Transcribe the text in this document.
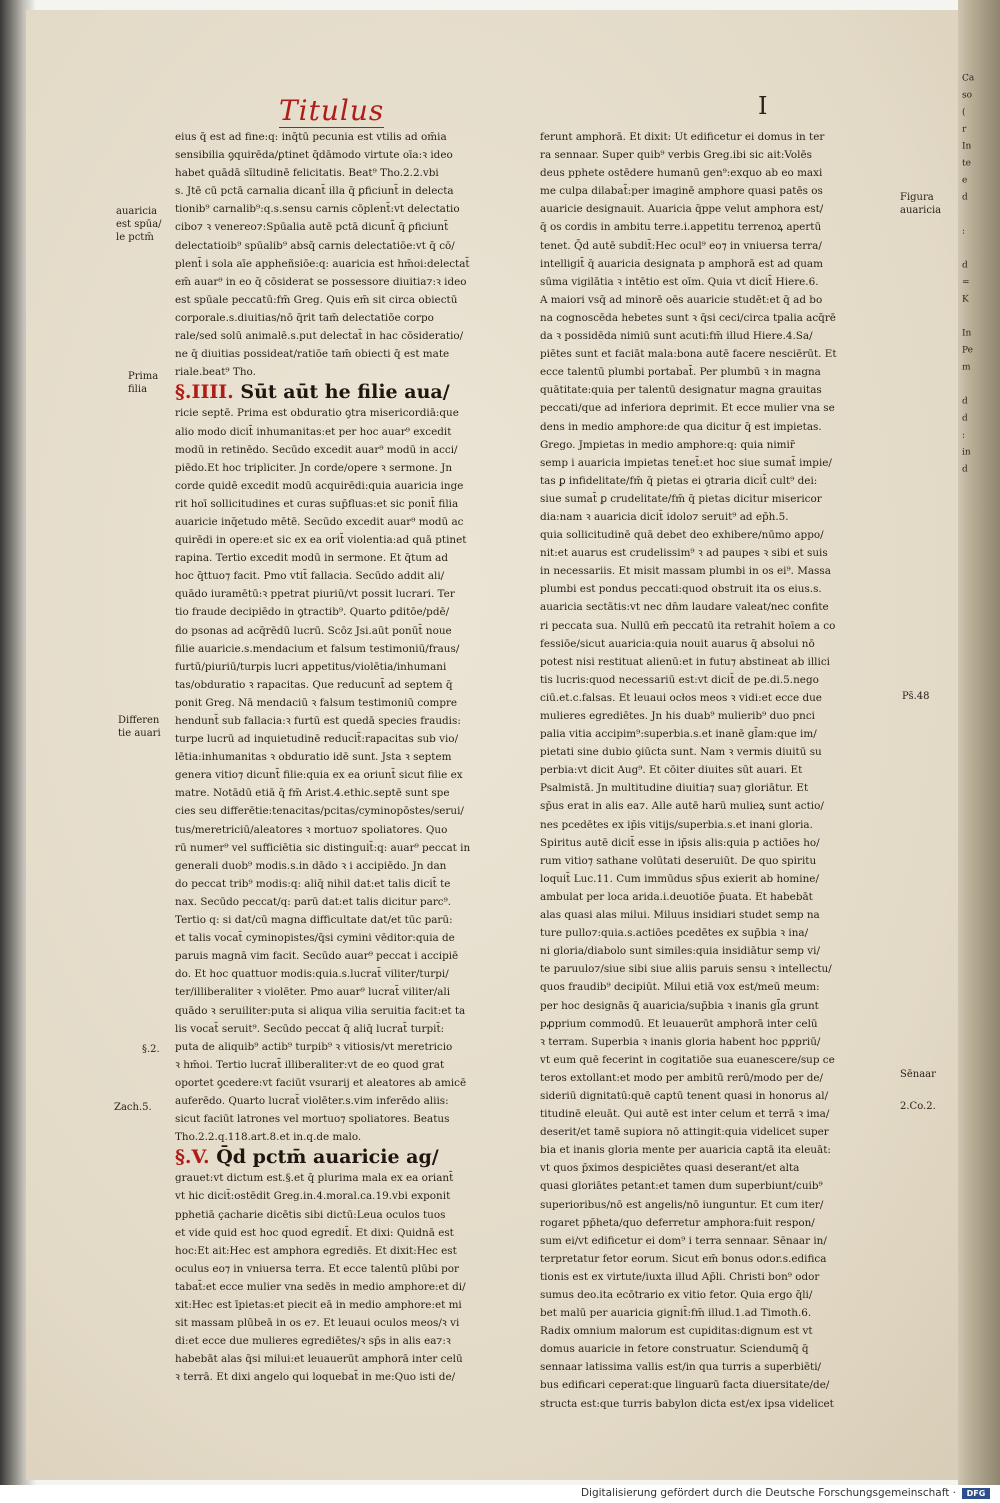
Ca
so
(
r
In
te
e
d

:

d
=
K

In
Pe
m

d
d
:
in
d
Titulus	I
eius q̄ est ad fine:q: inq̄tū pecunia est vtilis ad om̄ia
sensibilia ꝯquirēda/ꝑtinet q̄dāmodo virtute oīa:ꝛ ideo
habet quādā sīltudinē felicitatis. Beat⁹ Tho.2.2.vbi
s. Jtē cū pctā carnalia dicant̄ illa q̄ ꝑficiunt̄ in delecta
tionib⁹ carnalib⁹:q.s.sensu carnis cōplent̄:vt delectatio
cibo⁊ ꝛ venereo⁊:Spūalia autē pctā dicunt̄ q̄ ꝑficiunt̄
delectatioib⁹ spūalib⁹ absq̄ carnis delectatiōe:vt q̄ cō/
plent̄ i sola aīe appheñsiōe:q: auaricia est hm̄oi:delectat̄
em̄ auar⁹ in eo q̄ cōsiderat se possessore diuitia⁊:ꝛ ideo
est spūale peccatū:fm̄ Greg. Quis em̄ sit circa obiectū
corporale.s.diuitias/nō q̄rit tam̄ delectatiōe corpo
rale/sed solū animalē.s.put delectat̄ in hac cōsideratio/
ne q̄ diuitias possideat/ratiōe tam̄ obiecti q̄ est mate
riale.beat⁹ Tho.
§.IIII. Sūt aūt he filie aua/
ricie septē. Prima est obduratio ꝯtra misericordiā:que
alio modo dicit̄ inhumanitas:et per hoc auar⁹ excedit
modū in retinēdo. Secūdo excedit auar⁹ modū in acci/
piēdo.Et hoc tripliciter. Jn corde/opere ꝛ sermone. Jn
corde quidē excedit modū acquirēdi:quia auaricia inge
rit hoī sollicitudines et curas sup̄fluas:et sic ponit̄ filia
auaricie inq̄etudo mētē. Secūdo excedit auar⁹ modū ac
quirēdi in opere:et sic ex ea orit̄ violentia:ad quā ptinet
rapina. Tertio excedit modū in sermone. Et q̄tum ad
hoc q̄ttuo⁊ facit. Pmo vtit̄ fallacia. Secūdo addit ali/
quādo iuramētū:ꝛ ppetrat piuriū/vt possit lucrari. Ter
tio fraude decipiēdo in ꝯtractib⁹. Quarto ꝑditōe/pdē/
do psonas ad acq̄rēdū lucrū. Scōz Jsi.aūt ponūt̄ noue
filie auaricie.s.mendacium et falsum testimoniū/fraus/
furtū/piuriū/turpis lucri appetitus/violētia/inhumani
tas/obduratio ꝛ rapacitas. Que reducunt̄ ad septem q̄
ponit Greg. Nā mendaciū ꝛ falsum testimoniū compre
hendunt̄ sub fallacia:ꝛ furtū est quedā species fraudis:
turpe lucrū ad inquietudinē reducit̄:rapacitas sub vio/
lētia:inhumanitas ꝛ obduratio idē sunt. Jsta ꝛ septem
genera vitio⁊ dicunt̄ filie:quia ex ea oriunt̄ sicut filie ex
matre. Notādū etiā q̄ fm̄ Arist.4.ethic.septē sunt spe
cies seu differētie:tenacitas/pcitas/cyminopōstes/serui/
tus/meretriciū/aleatores ꝛ mortuo⁊ spoliatores. Quo
rū numer⁹ vel sufficiētia sic distinguit̄:q: auar⁹ peccat in
generali duob⁹ modis.s.in dādo ꝛ i accipiēdo. Jn dan
do peccat trib⁹ modis:q: aliq̄ nihil dat:et talis dicit̄ te
nax. Secūdo peccat/q: parū dat:et talis dicitur parc⁹.
Tertio q: si dat/cū magna difficultate dat/et tūc parū:
et talis vocat̄ cyminopistes/q̄si cymini vēditor:quia de
paruis magnā vim facit. Secūdo auar⁹ peccat i accipiē
do. Et hoc quattuor modis:quia.s.lucrat̄ viliter/turpi/
ter/illiberaliter ꝛ violēter. Pmo auar⁹ lucrat̄ viliter/ali
quādo ꝛ seruiliter:puta si aliqua vilia seruitia facit:et ta
lis vocat̄ seruit⁹. Secūdo peccat q̄ aliq̄ lucrat̄ turpit̄:
puta de aliquib⁹ actib⁹ turpib⁹ ꝛ vitiosis/vt meretricio
ꝛ hm̄oi. Tertio lucrat̄ illiberaliter:vt de eo quod grat
oportet ꝯcedere:vt faciūt vsurarij et aleatores ab amicē
auferēdo. Quarto lucrat̄ violēter.s.vim inferēdo aliis:
sicut faciūt latrones vel mortuo⁊ spoliatores. Beatus
Tho.2.2.q.118.art.8.et in.q.de malo.
§.V. Q̄d pctm̄ auaricie ag/
grauet:vt dictum est.§.et q̄ plurima mala ex ea oriant̄
vt hic dicit̄:ostēdit Greg.in.4.moral.ca.19.vbi exponit
pphetiā çacharie dicētis sibi dictū:Leua oculos tuos
et vide quid est hoc quod egredit̄. Et dixi: Quidnā est
hoc:Et ait:Hec est amphora egrediēs. Et dixit:Hec est
oculus eo⁊ in vniuersa terra. Et ecce talentū plūbi por
tabat̄:et ecce mulier vna sedēs in medio amphore:et di/
xit:Hec est īpietas:et piecit eā in medio amphore:et mi
sit massam plūbeā in os e⁊. Et leuaui oculos meos/ꝛ vi
di:et ecce due mulieres egrediētes/ꝛ sp̄s in alis ea⁊:ꝛ
habebāt alas q̄si milui:et leuauerūt amphorā inter celū
ꝛ terrā. Et dixi angelo qui loquebat̄ in me:Quo isti de/
ferunt amphorā. Et dixit: Ut edificetur ei domus in ter
ra sennaar. Super quib⁹ verbis Greg.ibi sic ait:Volēs
deus pphete ostēdere humanū gen⁹:exquo ab eo maxi
me culpa dilabat̄:per imaginē amphore quasi patēs os
auaricie designauit. Auaricia q̄ppe velut amphora est/
q̄ os cordis in ambitu terre.i.appetitu terrenoꝝ apertū
tenet. Q̄d autē subdit̄:Hec ocul⁹ eo⁊ in vniuersa terra/
intelligit̄ q̄ auaricia designata p amphorā est ad quam
sūma vigilātia ꝛ intētio est oīm. Quia vt dicit̄ Hiere.6.
A maiori vsq̄ ad minorē oēs auaricie studēt:et q̄ ad bo
na cognoscēda hebetes sunt ꝛ q̄si ceci/circa tpalia acq̄rē
da ꝛ possidēda nimiū sunt acuti:fm̄ illud Hiere.4.Sa/
piētes sunt et faciāt mala:bona autē facere nesciērūt. Et
ecce talentū plumbi portabat̄. Per plumbū ꝛ in magna
quātitate:quia per talentū designatur magna grauitas
peccati/que ad inferiora deprimit. Et ecce mulier vna se
dens in medio amphore:de qua dicitur q̄ est impietas.
Grego. Jmpietas in medio amphore:q: quia nimir̄
semp i auaricia impietas tenet̄:et hoc siue sumat̄ impie/
tas ꝑ infidelitate/fm̄ q̄ pietas ei ꝯtraria dicit̄ cult⁹ dei:
siue sumat̄ ꝑ crudelitate/fm̄ q̄ pietas dicitur misericor
dia:nam ꝛ auaricia dicit̄ idolo⁊ seruit⁹ ad ep̄h.5.
quia sollicitudinē quā debet deo exhibere/nūmo appo/
nit:et auarus est crudelissim⁹ ꝛ ad paupes ꝛ sibi et suis
in necessariis. Et misit massam plumbi in os ei⁹. Massa
plumbi est pondus peccati:quod obstruit ita os eius.s.
auaricia sectātis:vt nec dn̄m laudare valeat/nec confite
ri peccata sua. Nullū em̄ peccatū ita retrahit hoīem a co
fessiōe/sicut auaricia:quia nouit auarus q̄ absolui nō
potest nisi restituat alienū:et in futu⁊ abstineat ab illici
tis lucris:quod necessariū est:vt dicit̄ de pe.di.5.nego
ciū.et.c.falsas. Et leuaui ocłos meos ꝛ vidi:et ecce due
mulieres egrediētes. Jn his duab⁹ mulierib⁹ duo pnci
palia vitia accipim⁹:superbia.s.et inanē gl̄am:que im/
pietati sine dubio ꝯiūcta sunt. Nam ꝛ vermis diuitū su
perbia:vt dicit Aug⁹. Et cōiter diuites sūt auari. Et
Psalmistā. Jn multitudine diuitia⁊ sua⁊ gloriātur. Et
sp̄us erat in alis ea⁊. Alle autē harū mulieꝝ sunt actio/
nes pcedētes ex ip̄is vitijs/superbia.s.et inani gloria.
Spiritus autē dicit̄ esse in ip̄sis alis:quia p actiōes ho/
rum vitio⁊ sathane volūtati deseruiūt. De quo spiritu
loquit̄ Luc.11. Cum immūdus sp̄us exierit ab homine/
ambulat per loca arida.i.deuotiōe p̄uata. Et habebāt
alas quasi alas milui. Miluus insidiari studet semp na
ture pullo⁊:quia.s.actiōes pcedētes ex sup̄bia ꝛ ina/
ni gloria/diabolo sunt similes:quia insidiātur semp vi/
te paruulo⁊/siue sibi siue aliis paruis sensu ꝛ intellectu/
quos fraudib⁹ decipiūt. Milui etiā vox est/meū meum:
per hoc designās q̄ auaricia/sup̄bia ꝛ inanis gl̄a grunt
pꝓprium commodū. Et leuauerūt amphorā inter celū
ꝛ terram. Superbia ꝛ inanis gloria habent hoc pꝓpriū/
vt eum quē fecerint in cogitatiōe sua euanescere/sup ce
teros extollant:et modo per ambitū rerū/modo per de/
sideriū dignitatū:quē captū tenent quasi in honorus al/
titudinē eleuāt. Qui autē est inter celum et terrā ꝛ ima/
deserit/et tamē supiora nō attingit:quia videlicet super
bia et inanis gloria mente per auaricia captā ita eleuāt:
vt quos p̄ximos despiciētes quasi deserant/et alta
quasi gloriātes petant:et tamen dum superbiunt/cuib⁹
superioribus/nō est angelis/nō iunguntur. Et cum iter/
rogaret pp̄heta/quo deferretur amphora:fuit respon/
sum ei/vt edificetur ei dom⁹ i terra sennaar. Sēnaar in/
terpretatur fetor eorum. Sicut em̄ bonus odor.s.edifica
tionis est ex virtute/iuxta illud Ap̄li. Christi bon⁹ odor
sumus deo.ita ecōtrario ex vitio fetor. Quia ergo q̄li/
bet malū per auaricia gignit̄:fm̄ illud.1.ad Timoth.6.
Radix omnium malorum est cupiditas:dignum est vt
domus auaricie in fetore construatur. Sciendumq̄ q̄
sennaar latissima vallis est/in qua turris a superbiēti/
bus edificari ceperat:que linguarū facta diuersitate/de/
structa est:que turris babylon dicta est/ex ipsa videlicet
auaricia
est spūa/
le pctm̄
Prima
filia
Differen
tie auari
§.2.
Zach.5.
Figura
auaricia
Ps̄.48
Sēnaar
2.Co.2.
Digitalisierung gefördert durch die Deutsche Forschungsgemeinschaft ·	DFG
